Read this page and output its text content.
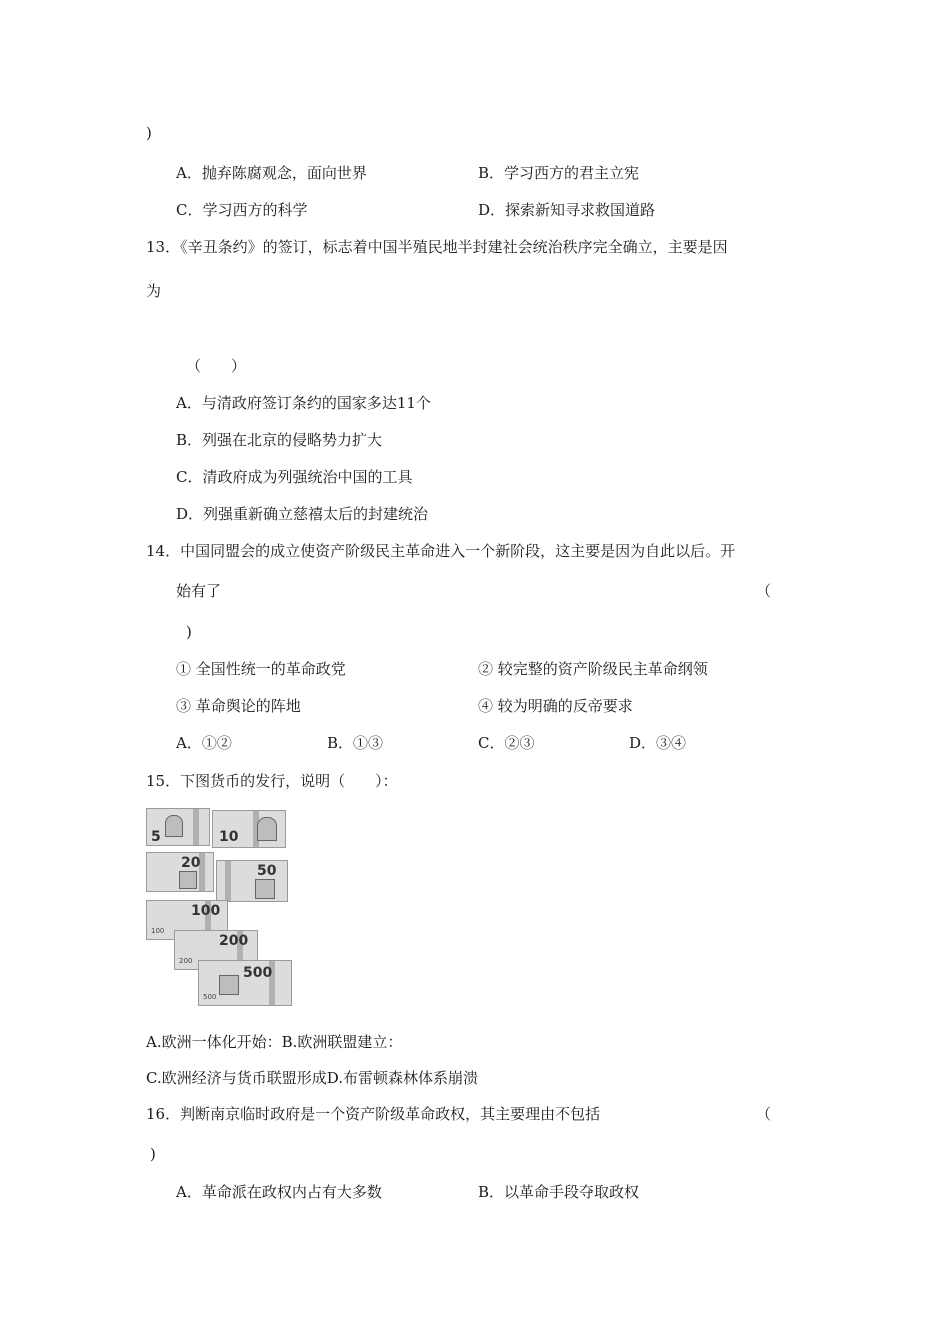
)
A．抛弃陈腐观念，面向世界	B．学习西方的君主立宪
C．学习西方的科学	D．探索新知寻求救国道路
13．《辛丑条约》的签订，标志着中国半殖民地半封建社会统治秩序完全确立，主要是因
为
（　　）
A．与清政府签订条约的国家多达11个
B．列强在北京的侵略势力扩大
C．清政府成为列强统治中国的工具
D．列强重新确立慈禧太后的封建统治
14．中国同盟会的成立使资产阶级民主革命进入一个新阶段，这主要是因为自此以后。开
始有了	（
)
① 全国性统一的革命政党	② 较完整的资产阶级民主革命纲领
③ 革命舆论的阵地	④ 较为明确的反帝要求
A．①②	B．①③	C．②③	D．③④
15．下图货币的发行，说明（　　）：
5	10
20	50
100
100
200
200
500
500
A.欧洲一体化开始：B.欧洲联盟建立：
C.欧洲经济与货币联盟形成D.布雷顿森林体系崩溃
16．判断南京临时政府是一个资产阶级革命政权，其主要理由不包括	（
)
A．革命派在政权内占有大多数	B．以革命手段夺取政权
